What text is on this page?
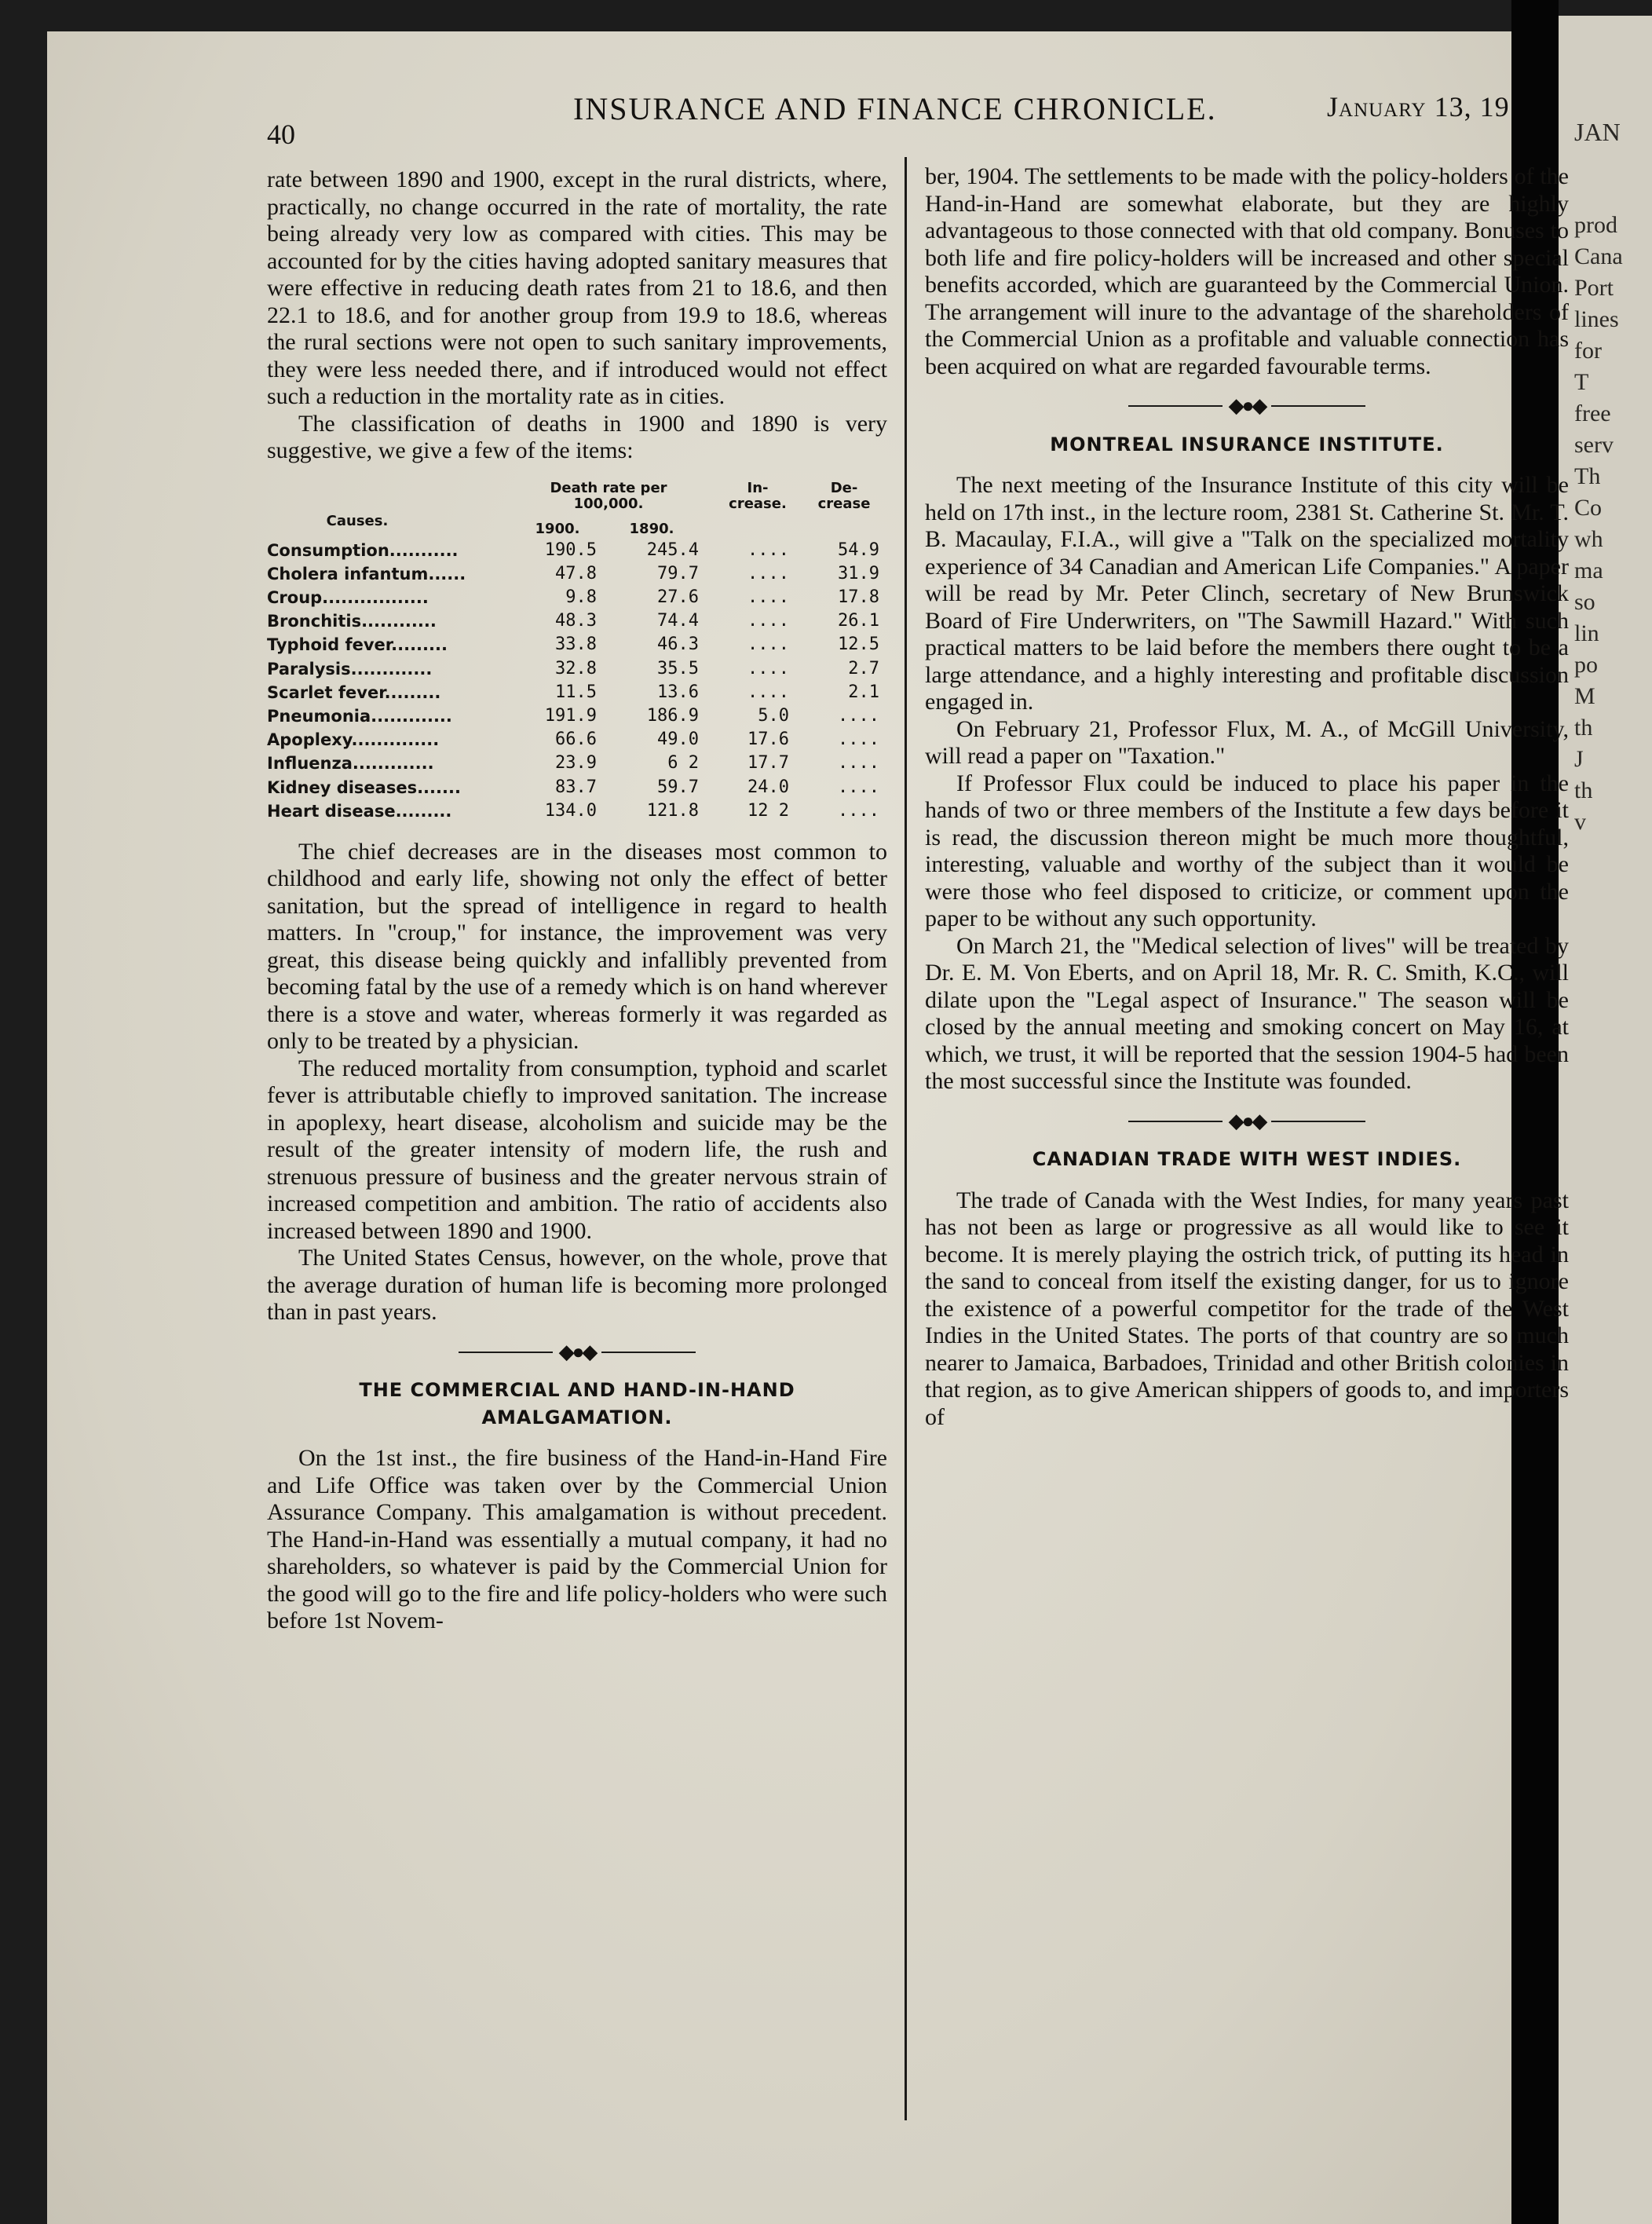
JAN
prod
Cana
Port
lines
for
T
free
serv
Th
Co
wh
ma
so
lin
po
M
th
J
th
v
40
INSURANCE AND FINANCE CHRONICLE.	January 13, 19

rate between 1890 and 1900, except in the rural districts, where, practically, no change occurred in the rate of mortality, the rate being already very low as compared with cities. This may be accounted for by the cities having adopted sanitary measures that were effective in reducing death rates from 21 to 18.6, and then 22.1 to 18.6, and for another group from 19.9 to 18.6, whereas the rural sections were not open to such sanitary improvements, they were less needed there, and if introduced would not effect such a reduction in the mortality rate as in cities.

The classification of deaths in 1900 and 1890 is very suggestive, we give a few of the items:

Causes.
Death rate per 100,000.
1900.	1890.
In-crease.
De-crease
Consumption...........	190.5	245.4	....	54.9
Cholera infantum......	47.8	79.7	....	31.9
Croup.................	9.8	27.6	....	17.8
Bronchitis............	48.3	74.4	....	26.1
Typhoid fever.........	33.8	46.3	....	12.5
Paralysis.............	32.8	35.5	....	2.7
Scarlet fever.........	11.5	13.6	....	2.1
Pneumonia.............	191.9	186.9	5.0	....
Apoplexy..............	66.6	49.0	17.6	....
Influenza.............	23.9	6 2	17.7	....
Kidney diseases.......	83.7	59.7	24.0	....
Heart disease.........	134.0	121.8	12 2	....

The chief decreases are in the diseases most common to childhood and early life, showing not only the effect of better sanitation, but the spread of intelligence in regard to health matters. In "croup," for instance, the improvement was very great, this disease being quickly and infallibly prevented from becoming fatal by the use of a remedy which is on hand wherever there is a stove and water, whereas formerly it was regarded as only to be treated by a physician.

The reduced mortality from consumption, typhoid and scarlet fever is attributable chiefly to improved sanitation. The increase in apoplexy, heart disease, alcoholism and suicide may be the result of the greater intensity of modern life, the rush and strenuous pressure of business and the greater nervous strain of increased competition and ambition. The ratio of accidents also increased between 1890 and 1900.

The United States Census, however, on the whole, prove that the average duration of human life is becoming more prolonged than in past years.

◆●◆
THE COMMERCIAL AND HAND-IN-HAND AMALGAMATION.

On the 1st inst., the fire business of the Hand-in-Hand Fire and Life Office was taken over by the Commercial Union Assurance Company. This amalgamation is without precedent. The Hand-in-Hand was essentially a mutual company, it had no shareholders, so whatever is paid by the Commercial Union for the good will go to the fire and life policy-holders who were such before 1st Novem-

ber, 1904. The settlements to be made with the policy-holders of the Hand-in-Hand are somewhat elaborate, but they are highly advantageous to those connected with that old company. Bonuses to both life and fire policy-holders will be increased and other special benefits accorded, which are guaranteed by the Commercial Union. The arrangement will inure to the advantage of the shareholders of the Commercial Union as a profitable and valuable connection has been acquired on what are regarded favourable terms.

◆●◆
MONTREAL INSURANCE INSTITUTE.

The next meeting of the Insurance Institute of this city will be held on 17th inst., in the lecture room, 2381 St. Catherine St. Mr. T. B. Macaulay, F.I.A., will give a "Talk on the specialized mortality experience of 34 Canadian and American Life Companies." A paper will be read by Mr. Peter Clinch, secretary of New Brunswick Board of Fire Underwriters, on "The Sawmill Hazard." With such practical matters to be laid before the members there ought to be a large attendance, and a highly interesting and profitable discussion engaged in.

On February 21, Professor Flux, M. A., of McGill University, will read a paper on "Taxation."

If Professor Flux could be induced to place his paper in the hands of two or three members of the Institute a few days before it is read, the discussion thereon might be much more thoughtful, interesting, valuable and worthy of the subject than it would be were those who feel disposed to criticize, or comment upon the paper to be without any such opportunity.

On March 21, the "Medical selection of lives" will be treated by Dr. E. M. Von Eberts, and on April 18, Mr. R. C. Smith, K.C., will dilate upon the "Legal aspect of Insurance." The season will be closed by the annual meeting and smoking concert on May 16, at which, we trust, it will be reported that the session 1904-5 had been the most successful since the Institute was founded.

◆●◆
CANADIAN TRADE WITH WEST INDIES.

The trade of Canada with the West Indies, for many years past has not been as large or progressive as all would like to see it become. It is merely playing the ostrich trick, of putting its head in the sand to conceal from itself the existing danger, for us to ignore the existence of a powerful competitor for the trade of the West Indies in the United States. The ports of that country are so much nearer to Jamaica, Barbadoes, Trinidad and other British colonies in that region, as to give American shippers of goods to, and importers of
